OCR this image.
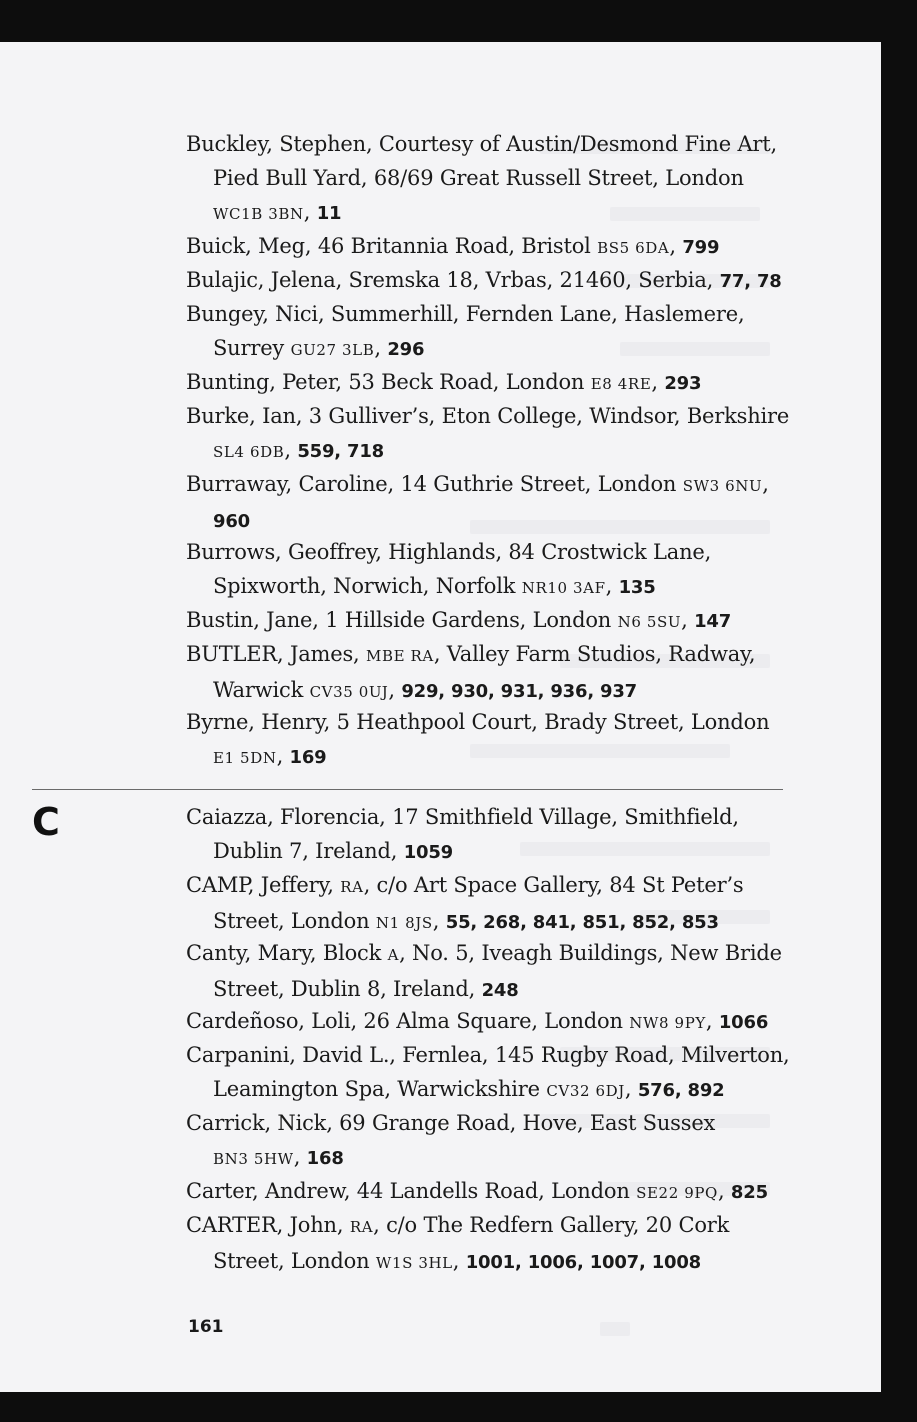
Buckley, Stephen, Courtesy of Austin/Desmond Fine Art,
Pied Bull Yard, 68/69 Great Russell Street, London
WC1B 3BN, 11
Buick, Meg, 46 Britannia Road, Bristol BS5 6DA, 799
Bulajic, Jelena, Sremska 18, Vrbas, 21460, Serbia, 77, 78
Bungey, Nici, Summerhill, Fernden Lane, Haslemere,
Surrey GU27 3LB, 296
Bunting, Peter, 53 Beck Road, London E8 4RE, 293
Burke, Ian, 3 Gulliver’s, Eton College, Windsor, Berkshire
SL4 6DB, 559, 718
Burraway, Caroline, 14 Guthrie Street, London SW3 6NU,
960
Burrows, Geoffrey, Highlands, 84 Crostwick Lane,
Spixworth, Norwich, Norfolk NR10 3AF, 135
Bustin, Jane, 1 Hillside Gardens, London N6 5SU, 147
BUTLER, James, MBE RA, Valley Farm Studios, Radway,
Warwick CV35 0UJ, 929, 930, 931, 936, 937
Byrne, Henry, 5 Heathpool Court, Brady Street, London
E1 5DN, 169
C	Caiazza, Florencia, 17 Smithfield Village, Smithfield,
Dublin 7, Ireland, 1059
CAMP, Jeffery, RA, c/o Art Space Gallery, 84 St Peter’s
Street, London N1 8JS, 55, 268, 841, 851, 852, 853
Canty, Mary, Block A, No. 5, Iveagh Buildings, New Bride
Street, Dublin 8, Ireland, 248
Cardeñoso, Loli, 26 Alma Square, London NW8 9PY, 1066
Carpanini, David L., Fernlea, 145 Rugby Road, Milverton,
Leamington Spa, Warwickshire CV32 6DJ, 576, 892
Carrick, Nick, 69 Grange Road, Hove, East Sussex
BN3 5HW, 168
Carter, Andrew, 44 Landells Road, London SE22 9PQ, 825
CARTER, John, RA, c/o The Redfern Gallery, 20 Cork
Street, London W1S 3HL, 1001, 1006, 1007, 1008
161
